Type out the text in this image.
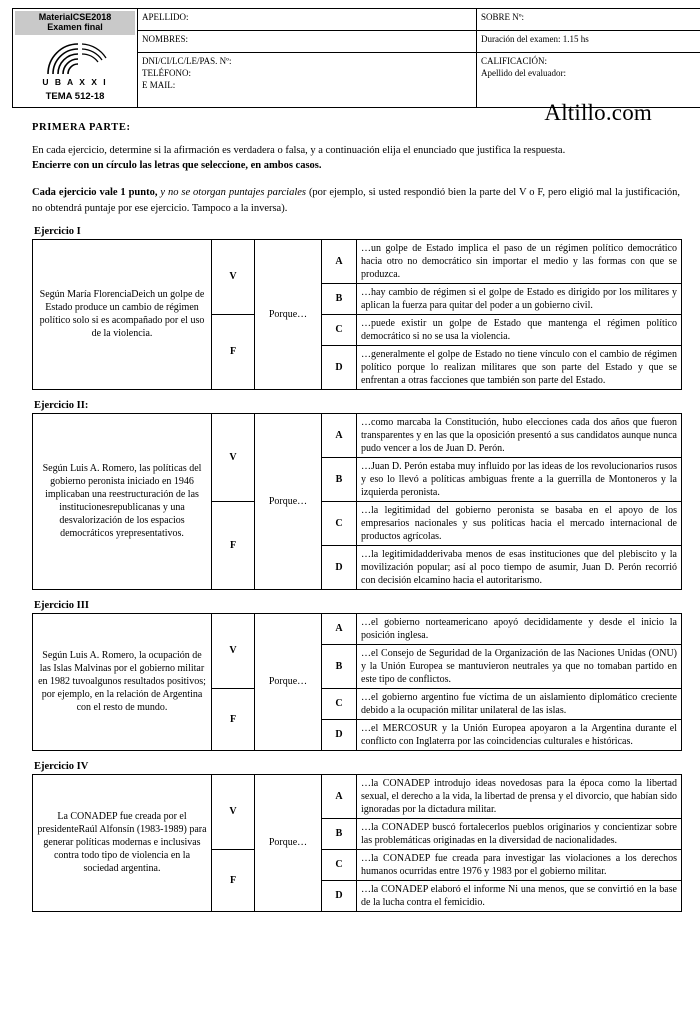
MaterialCSE2018
Examen final
U B A X X I
TEMA 512-18	APELLIDO:	SOBRE Nº:
	NOMBRES:	Duración del examen: 1.15 hs

DNI/CI/LC/LE/PAS. Nº:
TELÉFONO:
E MAIL:

CALIFICACIÓN:
Apellido del evaluador:
Altillo.com
PRIMERA PARTE:

En cada ejercicio, determine si la afirmación es verdadera o falsa, y a continuación elija el enunciado que justifica la respuesta.
Encierre con un círculo las letras que seleccione, en ambos casos.

Cada ejercicio vale 1 punto, y no se otorgan puntajes parciales (por ejemplo, si usted respondió bien la parte del V o F, pero eligió mal la justificación, no obtendrá puntaje por ese ejercicio. Tampoco a la inversa).

Ejercicio I
Según María FlorenciaDeich un golpe de Estado produce un cambio de régimen político solo si es acompañado por el uso de la violencia.	V	Porque…	A	…un golpe de Estado implica el paso de un régimen político democrático hacia otro no democrático sin importar el medio y las formas con que se produzca.
			B	…hay cambio de régimen si el golpe de Estado es dirigido por los militares y aplican la fuerza para quitar del poder a un gobierno civil.
	F		C	…puede existir un golpe de Estado que mantenga el régimen político democrático si no se usa la violencia.
			D	…generalmente el golpe de Estado no tiene vínculo con el cambio de régimen político porque lo realizan militares que son parte del Estado y que se enfrentan a otras facciones que también son parte del Estado.
Ejercicio II:
Según Luis A. Romero, las políticas del gobierno peronista iniciado en 1946 implicaban una reestructuración de las institucionesrepublicanas y una desvalorización de los espacios democráticos yrepresentativos.	V	Porque…	A	…como marcaba la Constitución, hubo elecciones cada dos años que fueron transparentes y en las que la oposición presentó a sus candidatos aunque nunca pudo vencer a los de Juan D. Perón.
			B	…Juan D. Perón estaba muy influido por las ideas de los revolucionarios rusos y eso lo llevó a políticas ambiguas frente a la guerrilla de Montoneros y la izquierda peronista.
	F		C	…la legitimidad del gobierno peronista se basaba en el apoyo de los empresarios nacionales y sus políticas hacia el mercado internacional de productos agrícolas.
			D	…la legitimidadderivaba menos de esas instituciones que del plebiscito y la movilización popular; así al poco tiempo de asumir, Juan D. Perón recorrió con decisión elcamino hacia el autoritarismo.
Ejercicio III
Según Luis A. Romero, la ocupación de las Islas Malvinas por el gobierno militar en 1982 tuvoalgunos resultados positivos; por ejemplo, en la relación de Argentina con el resto de mundo.	V	Porque…	A	…el gobierno norteamericano apoyó decididamente y desde el inicio la posición inglesa.
			B	…el Consejo de Seguridad de la Organización de las Naciones Unidas (ONU) y la Unión Europea se mantuvieron neutrales ya que no tomaban partido en este tipo de conflictos.
	F		C	…el gobierno argentino fue víctima de un aislamiento diplomático creciente debido a la ocupación militar unilateral de las islas.
			D	…el MERCOSUR y la Unión Europea apoyaron a la Argentina durante el conflicto con Inglaterra por las coincidencias culturales e históricas.
Ejercicio IV
La CONADEP fue creada por el presidenteRaúl Alfonsín (1983-1989) para generar políticas modernas e inclusivas contra todo tipo de violencia en la sociedad argentina.	V	Porque…	A	…la CONADEP introdujo ideas novedosas para la época como la libertad sexual, el derecho a la vida, la libertad de prensa y el divorcio, que habían sido ignoradas por la dictadura militar.
			B	…la CONADEP buscó fortalecerlos pueblos originarios y concientizar sobre las problemáticas originadas en la diversidad de nacionalidades.
	F		C	…la CONADEP fue creada para investigar las violaciones a los derechos humanos ocurridas entre 1976 y 1983 por el gobierno militar.
			D	…la CONADEP elaboró el informe Ni una menos, que se convirtió en la base de la lucha contra el femicidio.
